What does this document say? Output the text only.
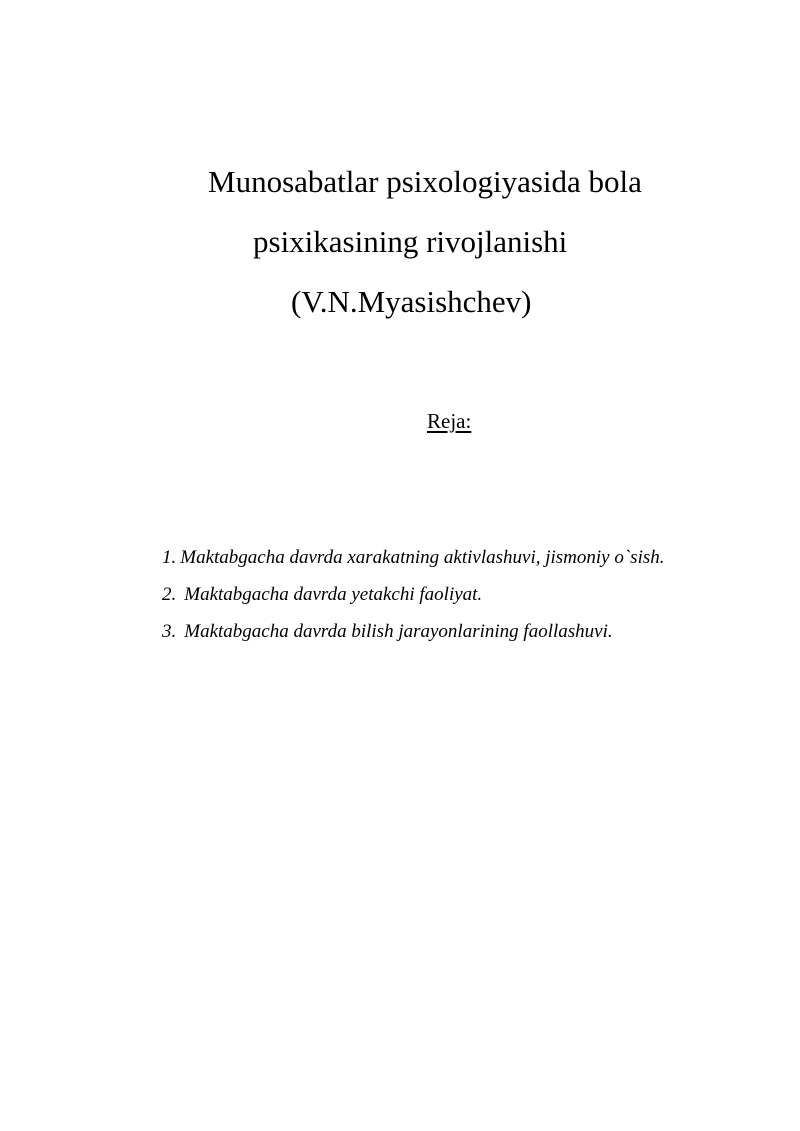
Munosabatlar psixologiyasida bola
psixikasining rivojlanishi
(V.N.Myasishchev)
Reja:
1. Maktabgacha davrda xarakatning aktivlashuvi, jismoniy o`sish.
2. Maktabgacha davrda yetakchi faoliyat.
3. Maktabgacha davrda bilish jarayonlarining faollashuvi.
